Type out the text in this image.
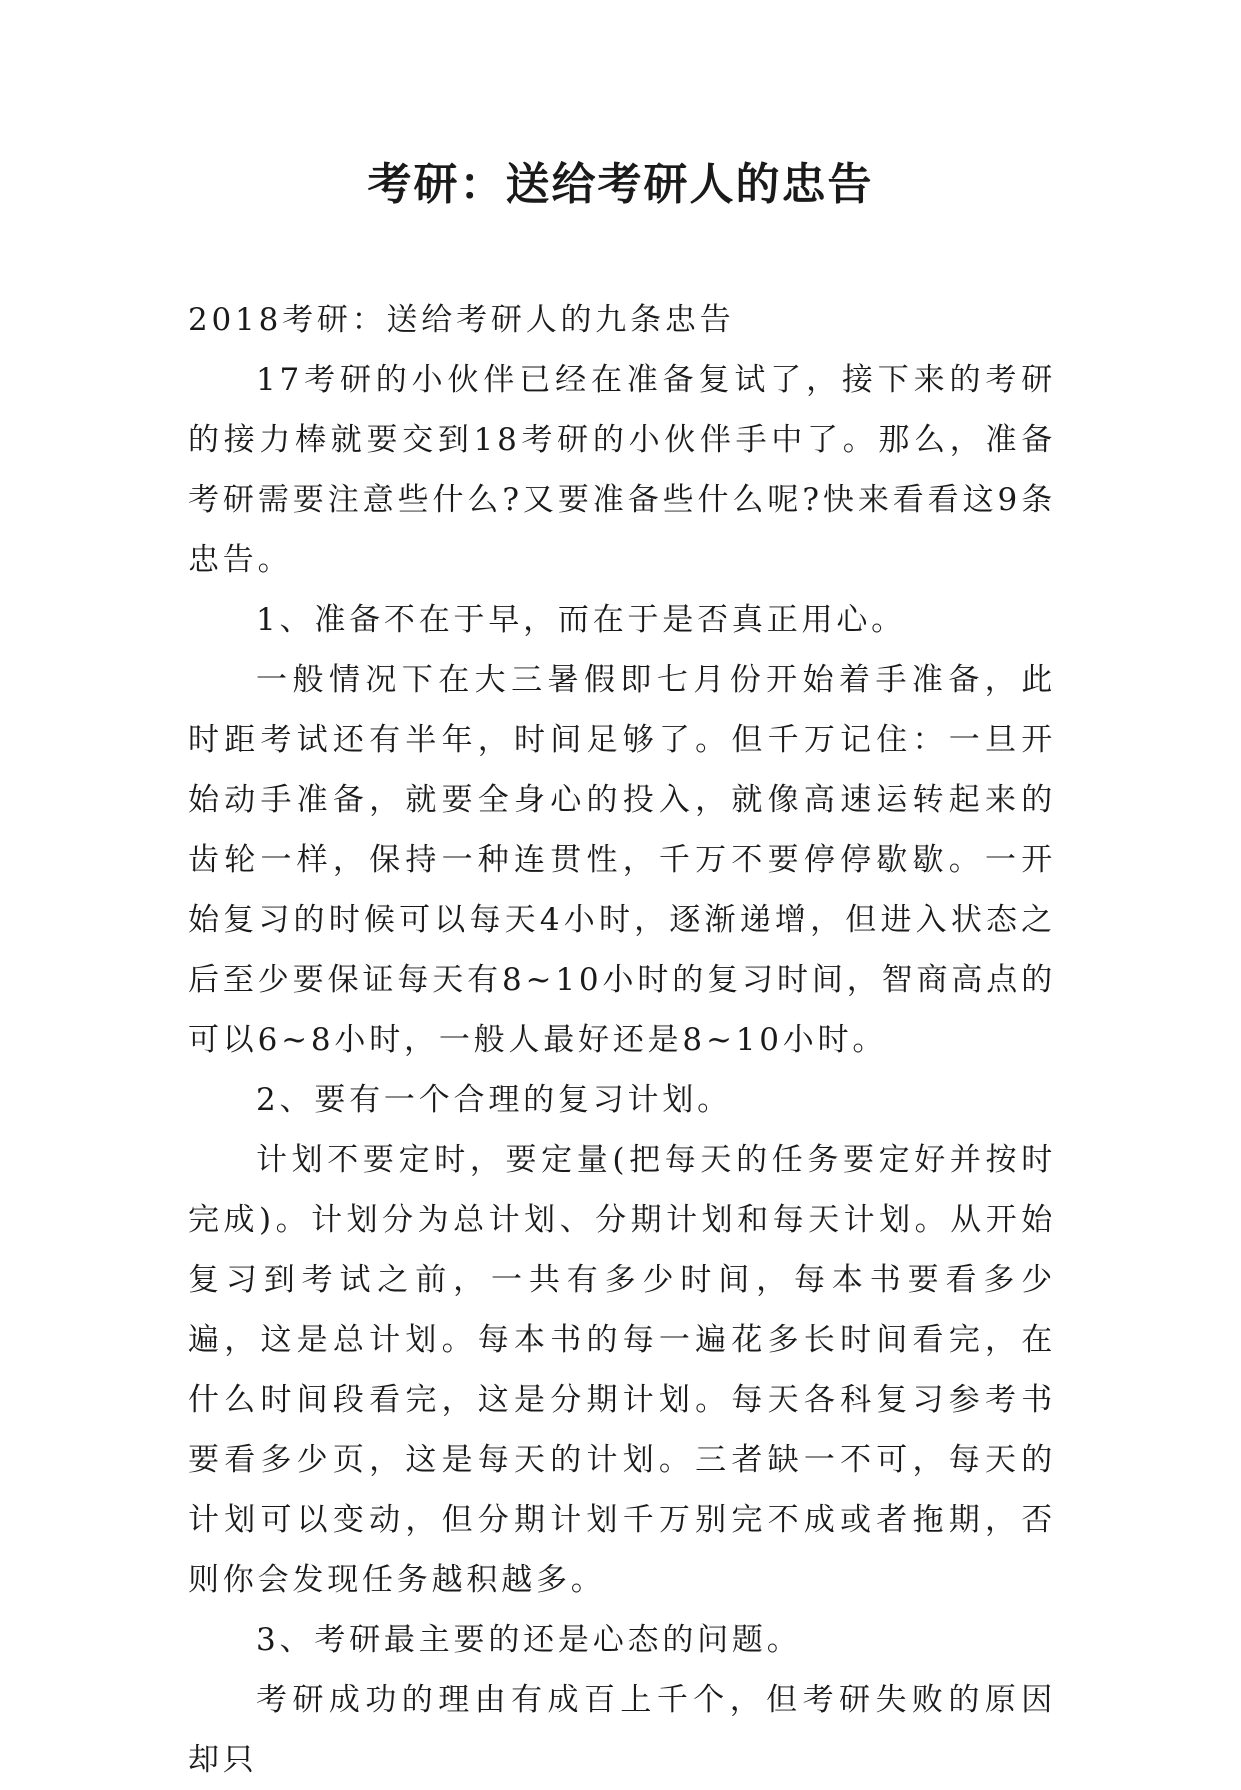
考研：送给考研人的忠告

2018考研：送给考研人的九条忠告

17考研的小伙伴已经在准备复试了，接下来的考研的接力棒就要交到18考研的小伙伴手中了。那么，准备考研需要注意些什么?又要准备些什么呢?快来看看这9条忠告。

1、准备不在于早，而在于是否真正用心。

一般情况下在大三暑假即七月份开始着手准备，此时距考试还有半年，时间足够了。但千万记住：一旦开始动手准备，就要全身心的投入，就像高速运转起来的齿轮一样，保持一种连贯性，千万不要停停歇歇。一开始复习的时候可以每天4小时，逐渐递增，但进入状态之后至少要保证每天有8~10小时的复习时间，智商高点的可以6~8小时，一般人最好还是8~10小时。

2、要有一个合理的复习计划。

计划不要定时，要定量(把每天的任务要定好并按时完成)。计划分为总计划、分期计划和每天计划。从开始复习到考试之前，一共有多少时间，每本书要看多少遍，这是总计划。每本书的每一遍花多长时间看完，在什么时间段看完，这是分期计划。每天各科复习参考书要看多少页，这是每天的计划。三者缺一不可，每天的计划可以变动，但分期计划千万别完不成或者拖期，否则你会发现任务越积越多。

3、考研最主要的还是心态的问题。

考研成功的理由有成百上千个，但考研失败的原因却只
